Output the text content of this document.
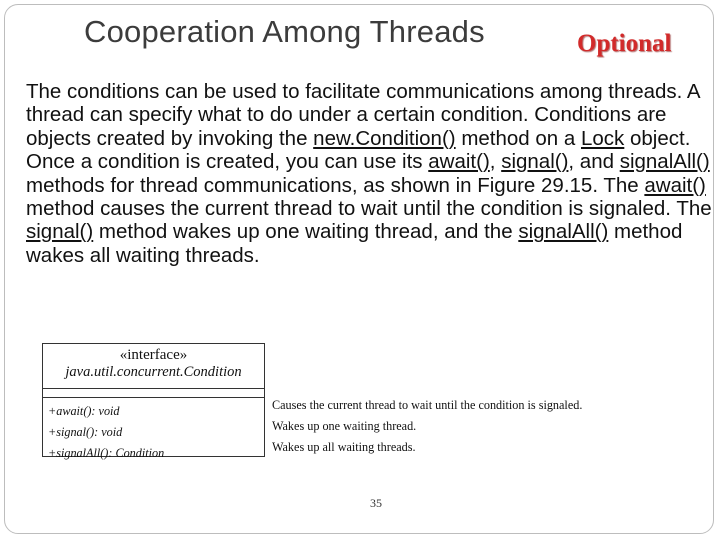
Cooperation Among Threads	Optional
The conditions can be used to facilitate communications among threads. A thread can specify what to do under a certain condition. Conditions are objects created by invoking the new.Condition() method on a Lock object. Once a condition is created, you can use its await(), signal(), and signalAll() methods for thread communications, as shown in Figure 29.15. The await() method causes the current thread to wait until the condition is signaled. The signal() method wakes up one waiting thread, and the signalAll() method wakes all waiting threads.
«interface»
java.util.concurrent.Condition
+await(): void
+signal(): void
+signalAll(): Condition
Causes the current thread to wait until the condition is signaled.
Wakes up one waiting thread.
Wakes up all waiting threads.
35
